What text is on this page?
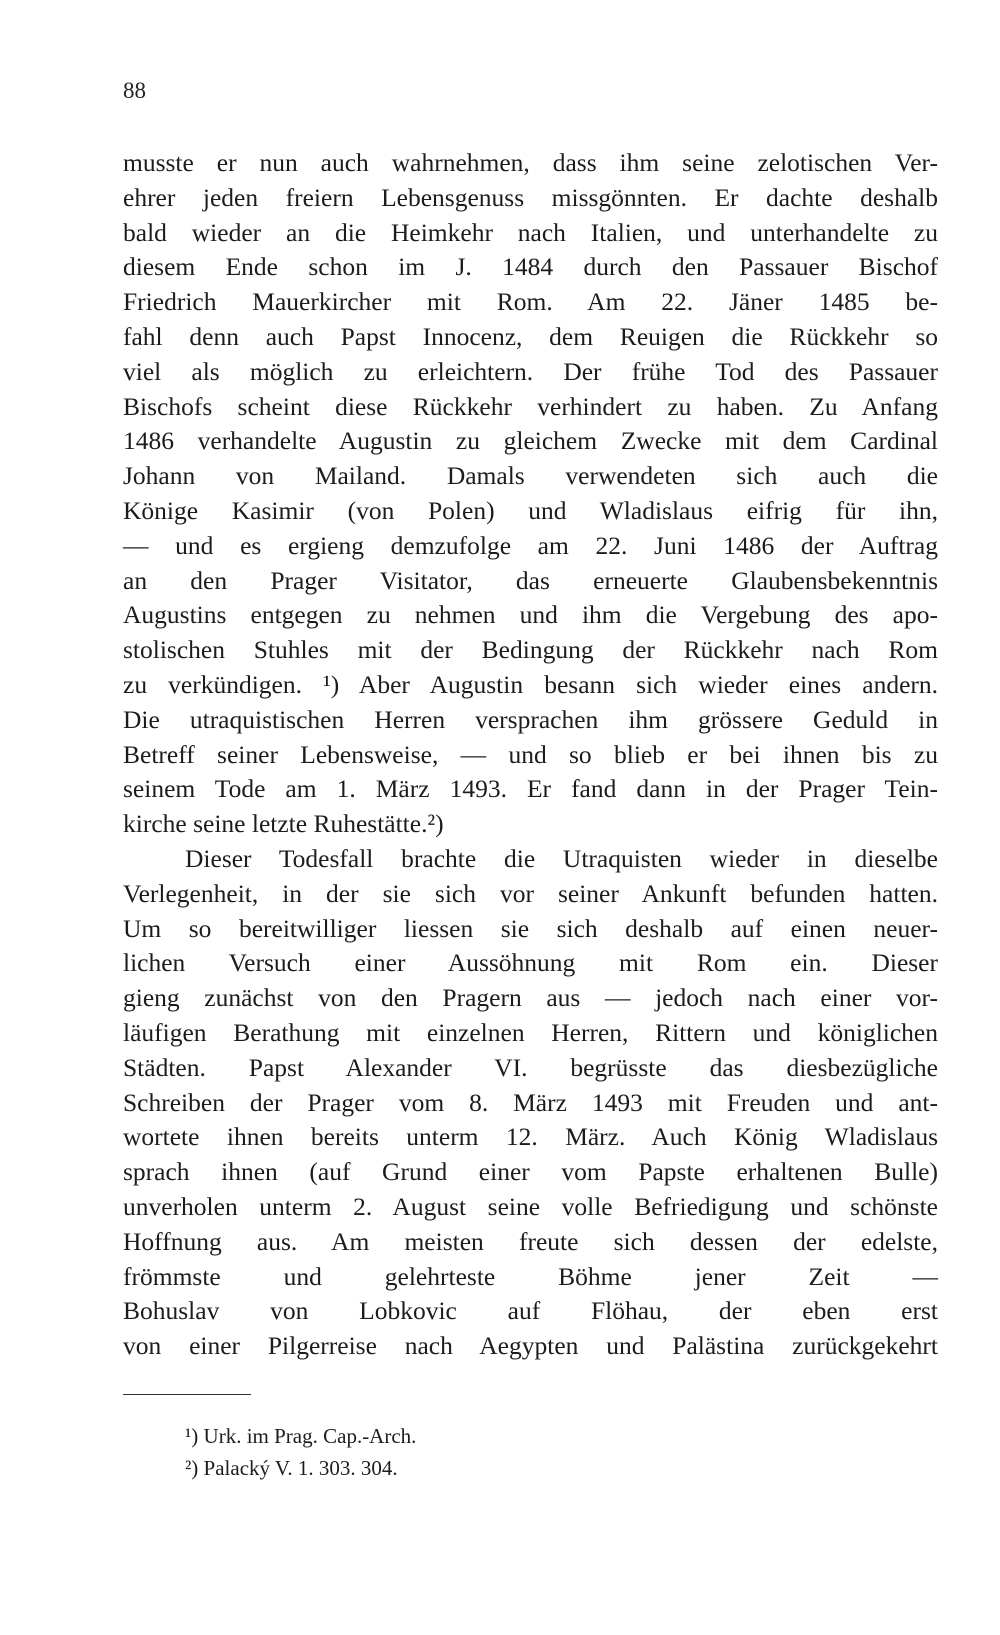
88
musste er nun auch wahrnehmen, dass ihm seine zelotischen Ver-
ehrer jeden freiern Lebensgenuss missgönnten. Er dachte deshalb
bald wieder an die Heimkehr nach Italien, und unterhandelte zu
diesem Ende schon im J. 1484 durch den Passauer Bischof
Friedrich Mauerkircher mit Rom. Am 22. Jäner 1485 be-
fahl denn auch Papst Innocenz, dem Reuigen die Rückkehr so
viel als möglich zu erleichtern. Der frühe Tod des Passauer
Bischofs scheint diese Rückkehr verhindert zu haben. Zu Anfang
1486 verhandelte Augustin zu gleichem Zwecke mit dem Cardinal
Johann von Mailand. Damals verwendeten sich auch die
Könige Kasimir (von Polen) und Wladislaus eifrig für ihn,
— und es ergieng demzufolge am 22. Juni 1486 der Auftrag
an den Prager Visitator, das erneuerte Glaubensbekenntnis
Augustins entgegen zu nehmen und ihm die Vergebung des apo-
stolischen Stuhles mit der Bedingung der Rückkehr nach Rom
zu verkündigen. ¹) Aber Augustin besann sich wieder eines andern.
Die utraquistischen Herren versprachen ihm grössere Geduld in
Betreff seiner Lebensweise, — und so blieb er bei ihnen bis zu
seinem Tode am 1. März 1493. Er fand dann in der Prager Tein-
kirche seine letzte Ruhestätte.²)
Dieser Todesfall brachte die Utraquisten wieder in dieselbe
Verlegenheit, in der sie sich vor seiner Ankunft befunden hatten.
Um so bereitwilliger liessen sie sich deshalb auf einen neuer-
lichen Versuch einer Aussöhnung mit Rom ein. Dieser
gieng zunächst von den Pragern aus — jedoch nach einer vor-
läufigen Berathung mit einzelnen Herren, Rittern und königlichen
Städten. Papst Alexander VI. begrüsste das diesbezügliche
Schreiben der Prager vom 8. März 1493 mit Freuden und ant-
wortete ihnen bereits unterm 12. März. Auch König Wladislaus
sprach ihnen (auf Grund einer vom Papste erhaltenen Bulle)
unverholen unterm 2. August seine volle Befriedigung und schönste
Hoffnung aus. Am meisten freute sich dessen der edelste,
frömmste und gelehrteste Böhme jener Zeit —
Bohuslav von Lobkovic auf Flöhau, der eben erst
von einer Pilgerreise nach Aegypten und Palästina zurückgekehrt
¹) Urk. im Prag. Cap.-Arch.
²) Palacký V. 1. 303. 304.
